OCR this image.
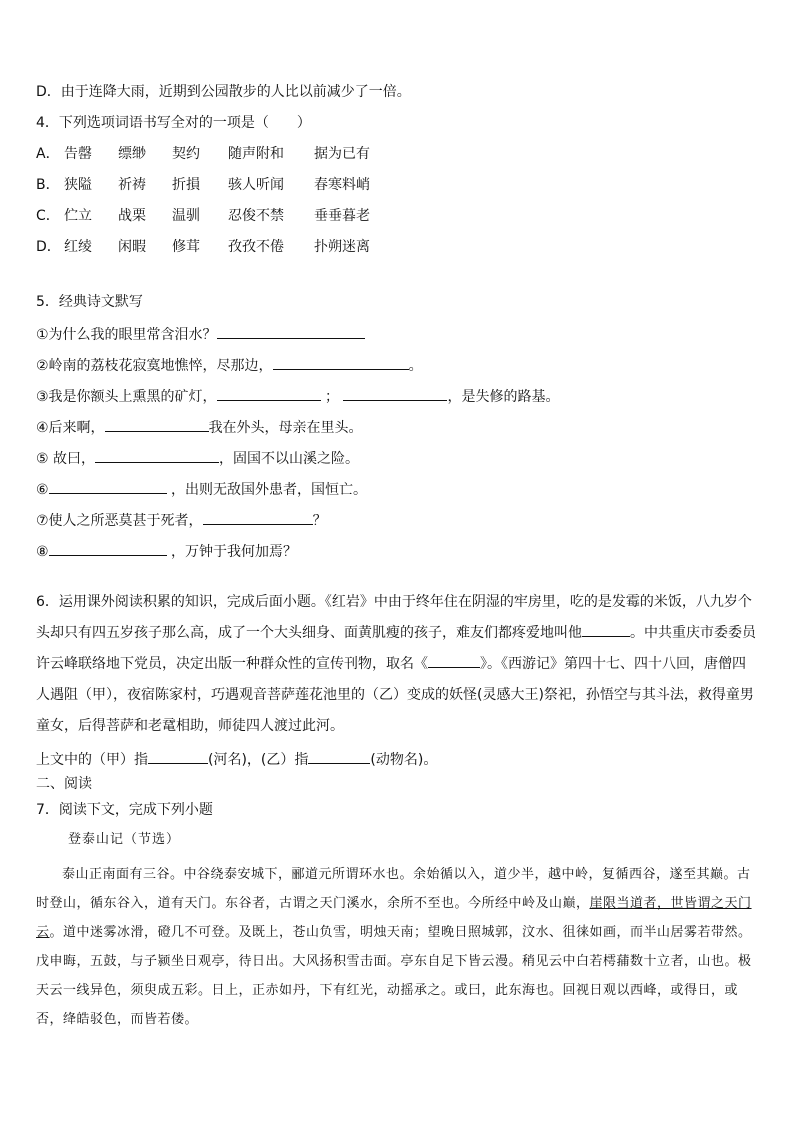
D．由于连降大雨，近期到公园散步的人比以前减少了一倍。
4．下列选项词语书写全对的一项是（　　）
A． 告罄 缥缈 契约 随声附和 据为已有
B． 狭隘 祈祷 折損 骇人听闻 春寒料峭
C． 伫立 战栗 温驯 忍俊不禁 垂垂暮老
D． 红绫 闲暇 修茸 孜孜不倦 扑朔迷离
5．经典诗文默写
①为什么我的眼里常含泪水？
②岭南的荔枝花寂寞地憔悴，尽那边，	。
③我是你额头上熏黑的矿灯，	；	，是失修的路基。
④后来啊，	我在外头，母亲在里头。
⑤ 故曰，	，固国不以山溪之险。
⑥	，出则无敌国外患者，国恒亡。
⑦使人之所恶莫甚于死者，	？
⑧	，万钟于我何加焉？
6．运用课外阅读积累的知识，完成后面小题。《红岩》中由于终年住在阴湿的牢房里，吃的是发霉的米饭，八九岁个头却只有四五岁孩子那么高，成了一个大头细身、面黄肌瘦的孩子，难友们都疼爱地叫他	。中共重庆市委委员许云峰联络地下党员，决定出版一种群众性的宣传刊物，取名《	》。《西游记》第四十七、四十八回，唐僧四人遇阻（甲），夜宿陈家村，巧遇观音菩萨莲花池里的（乙）变成的妖怪(灵感大王)祭祀，孙悟空与其斗法，救得童男童女，后得菩萨和老鼋相助，师徒四人渡过此河。
上文中的（甲）指	(河名)，(乙）指	(动物名)。
二、阅读
7．阅读下文，完成下列小题
登泰山记（节选）
泰山正南面有三谷。中谷绕泰安城下，郦道元所谓环水也。余始循以入，道少半，越中岭，复循西谷，遂至其巅。古时登山，循东谷入，道有天门。东谷者，古谓之天门溪水，余所不至也。今所经中岭及山巅，崖限当道者，世皆谓之天门云。道中迷雾冰滑，磴几不可登。及既上，苍山负雪，明烛天南；望晚日照城郭，汶水、徂徕如画，而半山居雾若带然。戊申晦，五鼓，与子颍坐日观亭，待日出。大风扬积雪击面。亭东自足下皆云漫。稍见云中白若樗蒱数十立者，山也。极天云一线异色，须臾成五彩。日上，正赤如丹，下有红光，动摇承之。或曰，此东海也。回视日观以西峰，或得日，或否，绛皓驳色，而皆若偻。
